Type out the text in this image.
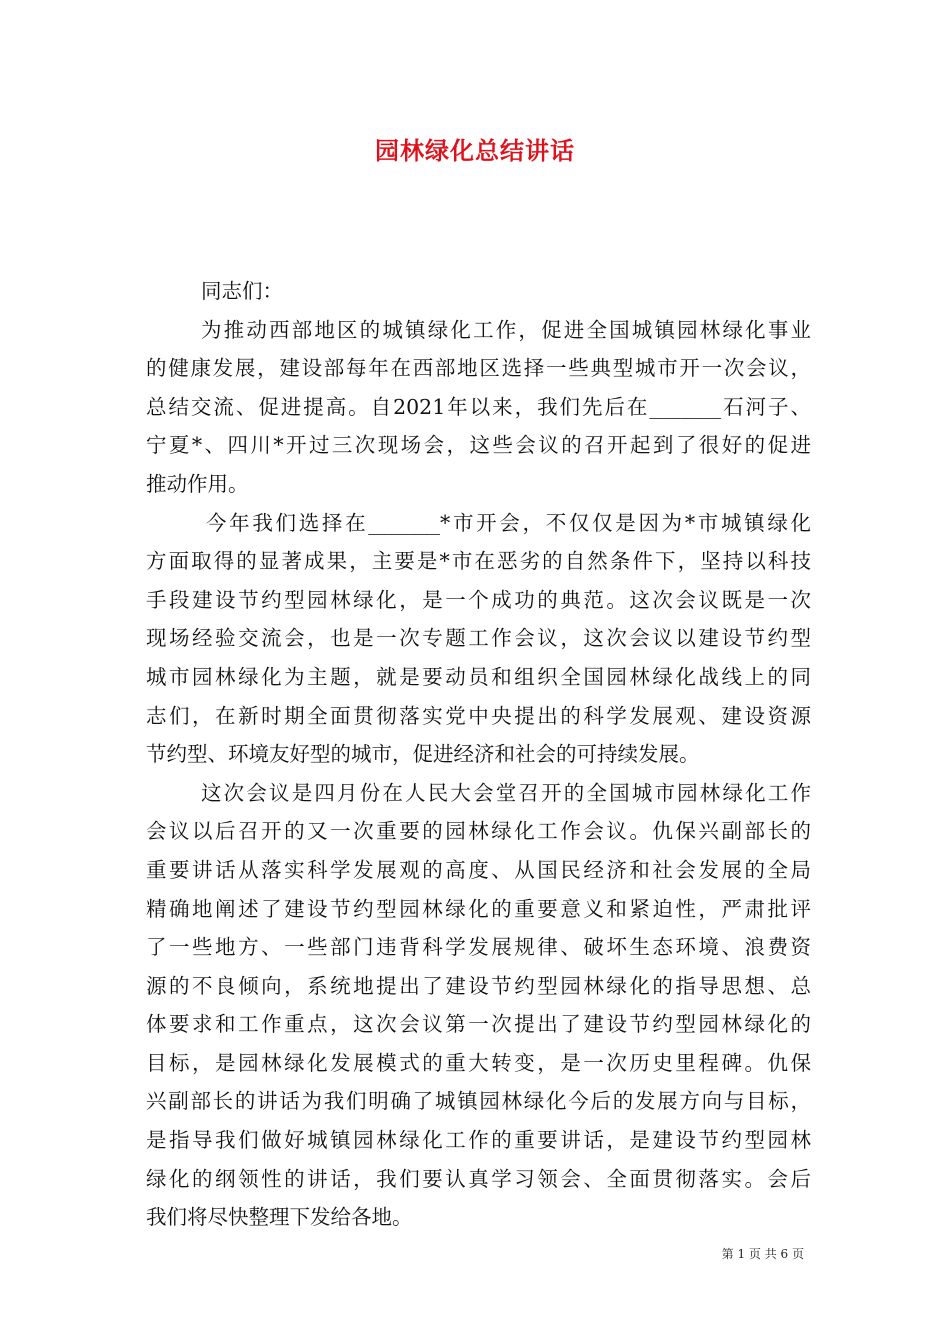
园林绿化总结讲话
同志们：
为推动西部地区的城镇绿化工作，促进全国城镇园林绿化事业
的健康发展，建设部每年在西部地区选择一些典型城市开一次会议，
总结交流、促进提高。自2021年以来，我们先后在_______石河子、
宁夏*、四川*开过三次现场会，这些会议的召开起到了很好的促进
推动作用。
今年我们选择在_______*市开会，不仅仅是因为*市城镇绿化
方面取得的显著成果，主要是*市在恶劣的自然条件下，坚持以科技
手段建设节约型园林绿化，是一个成功的典范。这次会议既是一次
现场经验交流会，也是一次专题工作会议，这次会议以建设节约型
城市园林绿化为主题，就是要动员和组织全国园林绿化战线上的同
志们，在新时期全面贯彻落实党中央提出的科学发展观、建设资源
节约型、环境友好型的城市，促进经济和社会的可持续发展。
这次会议是四月份在人民大会堂召开的全国城市园林绿化工作
会议以后召开的又一次重要的园林绿化工作会议。仇保兴副部长的
重要讲话从落实科学发展观的高度、从国民经济和社会发展的全局
精确地阐述了建设节约型园林绿化的重要意义和紧迫性，严肃批评
了一些地方、一些部门违背科学发展规律、破坏生态环境、浪费资
源的不良倾向，系统地提出了建设节约型园林绿化的指导思想、总
体要求和工作重点，这次会议第一次提出了建设节约型园林绿化的
目标，是园林绿化发展模式的重大转变，是一次历史里程碑。仇保
兴副部长的讲话为我们明确了城镇园林绿化今后的发展方向与目标，
是指导我们做好城镇园林绿化工作的重要讲话，是建设节约型园林
绿化的纲领性的讲话，我们要认真学习领会、全面贯彻落实。会后
我们将尽快整理下发给各地。
第 1 页 共 6 页
